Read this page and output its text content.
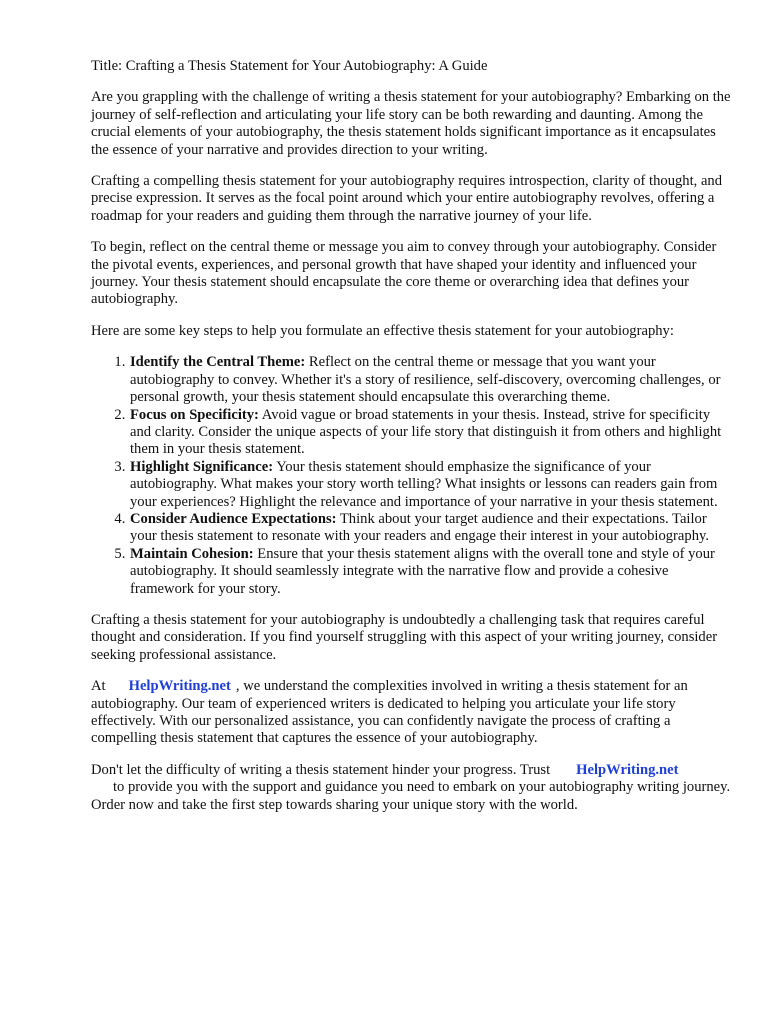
Title: Crafting a Thesis Statement for Your Autobiography: A Guide

Are you grappling with the challenge of writing a thesis statement for your autobiography? Embarking on the journey of self-reflection and articulating your life story can be both rewarding and daunting. Among the crucial elements of your autobiography, the thesis statement holds significant importance as it encapsulates the essence of your narrative and provides direction to your writing.

Crafting a compelling thesis statement for your autobiography requires introspection, clarity of thought, and precise expression. It serves as the focal point around which your entire autobiography revolves, offering a roadmap for your readers and guiding them through the narrative journey of your life.

To begin, reflect on the central theme or message you aim to convey through your autobiography. Consider the pivotal events, experiences, and personal growth that have shaped your identity and influenced your journey. Your thesis statement should encapsulate the core theme or overarching idea that defines your autobiography.

Here are some key steps to help you formulate an effective thesis statement for your autobiography:

1. Identify the Central Theme: Reflect on the central theme or message that you want your autobiography to convey. Whether it's a story of resilience, self-discovery, overcoming challenges, or personal growth, your thesis statement should encapsulate this overarching theme.
2. Focus on Specificity: Avoid vague or broad statements in your thesis. Instead, strive for specificity and clarity. Consider the unique aspects of your life story that distinguish it from others and highlight them in your thesis statement.
3. Highlight Significance: Your thesis statement should emphasize the significance of your autobiography. What makes your story worth telling? What insights or lessons can readers gain from your experiences? Highlight the relevance and importance of your narrative in your thesis statement.
4. Consider Audience Expectations: Think about your target audience and their expectations. Tailor your thesis statement to resonate with your readers and engage their interest in your autobiography.
5. Maintain Cohesion: Ensure that your thesis statement aligns with the overall tone and style of your autobiography. It should seamlessly integrate with the narrative flow and provide a cohesive framework for your story.

Crafting a thesis statement for your autobiography is undoubtedly a challenging task that requires careful thought and consideration. If you find yourself struggling with this aspect of your writing journey, consider seeking professional assistance.

At HelpWriting.net , we understand the complexities involved in writing a thesis statement for an autobiography. Our team of experienced writers is dedicated to helping you articulate your life story effectively. With our personalized assistance, you can confidently navigate the process of crafting a compelling thesis statement that captures the essence of your autobiography.

Don't let the difficulty of writing a thesis statement hinder your progress. Trust HelpWriting.net
to provide you with the support and guidance you need to embark on your autobiography writing journey. Order now and take the first step towards sharing your unique story with the world.
